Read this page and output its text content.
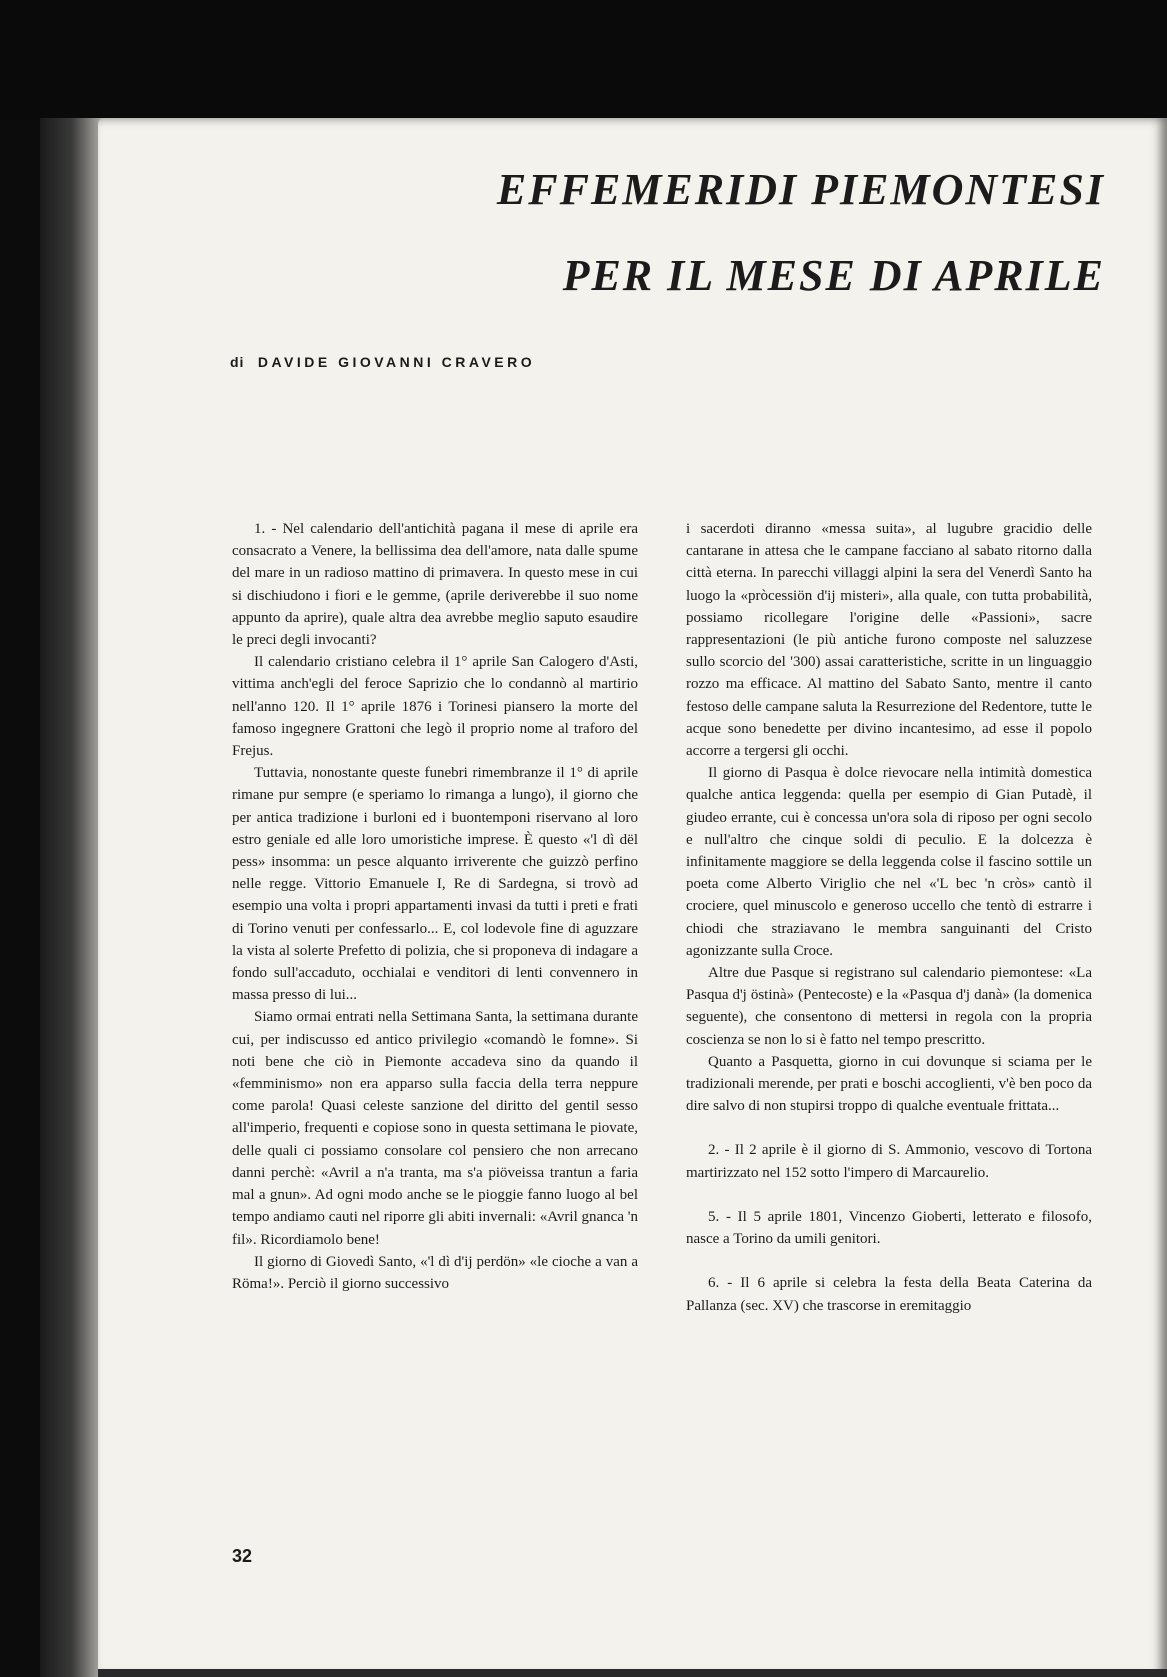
EFFEMERIDI PIEMONTESI
PER IL MESE DI APRILE
di DAVIDE GIOVANNI CRAVERO

1. - Nel calendario dell'antichità pagana il mese di aprile era consacrato a Venere, la bellissima dea dell'amore, nata dalle spume del mare in un radioso mattino di primavera. In questo mese in cui si dischiudono i fiori e le gemme, (aprile deriverebbe il suo nome appunto da aprire), quale altra dea avrebbe meglio saputo esaudire le preci degli invocanti?

Il calendario cristiano celebra il 1° aprile San Calogero d'Asti, vittima anch'egli del feroce Saprizio che lo condannò al martirio nell'anno 120. Il 1° aprile 1876 i Torinesi piansero la morte del famoso ingegnere Grattoni che legò il proprio nome al traforo del Frejus.

Tuttavia, nonostante queste funebri rimembranze il 1° di aprile rimane pur sempre (e speriamo lo rimanga a lungo), il giorno che per antica tradizione i burloni ed i buontemponi riservano al loro estro geniale ed alle loro umoristiche imprese. È questo «'l dì dël pess» insomma: un pesce alquanto irriverente che guizzò perfino nelle regge. Vittorio Emanuele I, Re di Sardegna, si trovò ad esempio una volta i propri appartamenti invasi da tutti i preti e frati di Torino venuti per confessarlo... E, col lodevole fine di aguzzare la vista al solerte Prefetto di polizia, che si proponeva di indagare a fondo sull'accaduto, occhialai e venditori di lenti convennero in massa presso di lui...

Siamo ormai entrati nella Settimana Santa, la settimana durante cui, per indiscusso ed antico privilegio «comandò le fomne». Si noti bene che ciò in Piemonte accadeva sino da quando il «femminismo» non era apparso sulla faccia della terra neppure come parola! Quasi celeste sanzione del diritto del gentil sesso all'imperio, frequenti e copiose sono in questa settimana le piovate, delle quali ci possiamo consolare col pensiero che non arrecano danni perchè: «Avril a n'a tranta, ma s'a piöveissa trantun a faria mal a gnun». Ad ogni modo anche se le pioggie fanno luogo al bel tempo andiamo cauti nel riporre gli abiti invernali: «Avril gnanca 'n fil». Ricordiamolo bene!

Il giorno di Giovedì Santo, «'l dì d'ij perdön» «le cioche a van a Röma!». Perciò il giorno successivo

i sacerdoti diranno «messa suita», al lugubre gracidio delle cantarane in attesa che le campane facciano al sabato ritorno dalla città eterna. In parecchi villaggi alpini la sera del Venerdì Santo ha luogo la «pròcessiön d'ij misteri», alla quale, con tutta probabilità, possiamo ricollegare l'origine delle «Passioni», sacre rappresentazioni (le più antiche furono composte nel saluzzese sullo scorcio del '300) assai caratteristiche, scritte in un linguaggio rozzo ma efficace. Al mattino del Sabato Santo, mentre il canto festoso delle campane saluta la Resurrezione del Redentore, tutte le acque sono benedette per divino incantesimo, ad esse il popolo accorre a tergersi gli occhi.

Il giorno di Pasqua è dolce rievocare nella intimità domestica qualche antica leggenda: quella per esempio di Gian Putadè, il giudeo errante, cui è concessa un'ora sola di riposo per ogni secolo e null'altro che cinque soldi di peculio. E la dolcezza è infinitamente maggiore se della leggenda colse il fascino sottile un poeta come Alberto Viriglio che nel «'L bec 'n cròs» cantò il crociere, quel minuscolo e generoso uccello che tentò di estrarre i chiodi che straziavano le membra sanguinanti del Cristo agonizzante sulla Croce.

Altre due Pasque si registrano sul calendario piemontese: «La Pasqua d'j östinà» (Pentecoste) e la «Pasqua d'j danà» (la domenica seguente), che consentono di mettersi in regola con la propria coscienza se non lo si è fatto nel tempo prescritto.

Quanto a Pasquetta, giorno in cui dovunque si sciama per le tradizionali merende, per prati e boschi accoglienti, v'è ben poco da dire salvo di non stupirsi troppo di qualche eventuale frittata...

2. - Il 2 aprile è il giorno di S. Ammonio, vescovo di Tortona martirizzato nel 152 sotto l'impero di Marcaurelio.

5. - Il 5 aprile 1801, Vincenzo Gioberti, letterato e filosofo, nasce a Torino da umili genitori.

6. - Il 6 aprile si celebra la festa della Beata Caterina da Pallanza (sec. XV) che trascorse in eremitaggio

32
